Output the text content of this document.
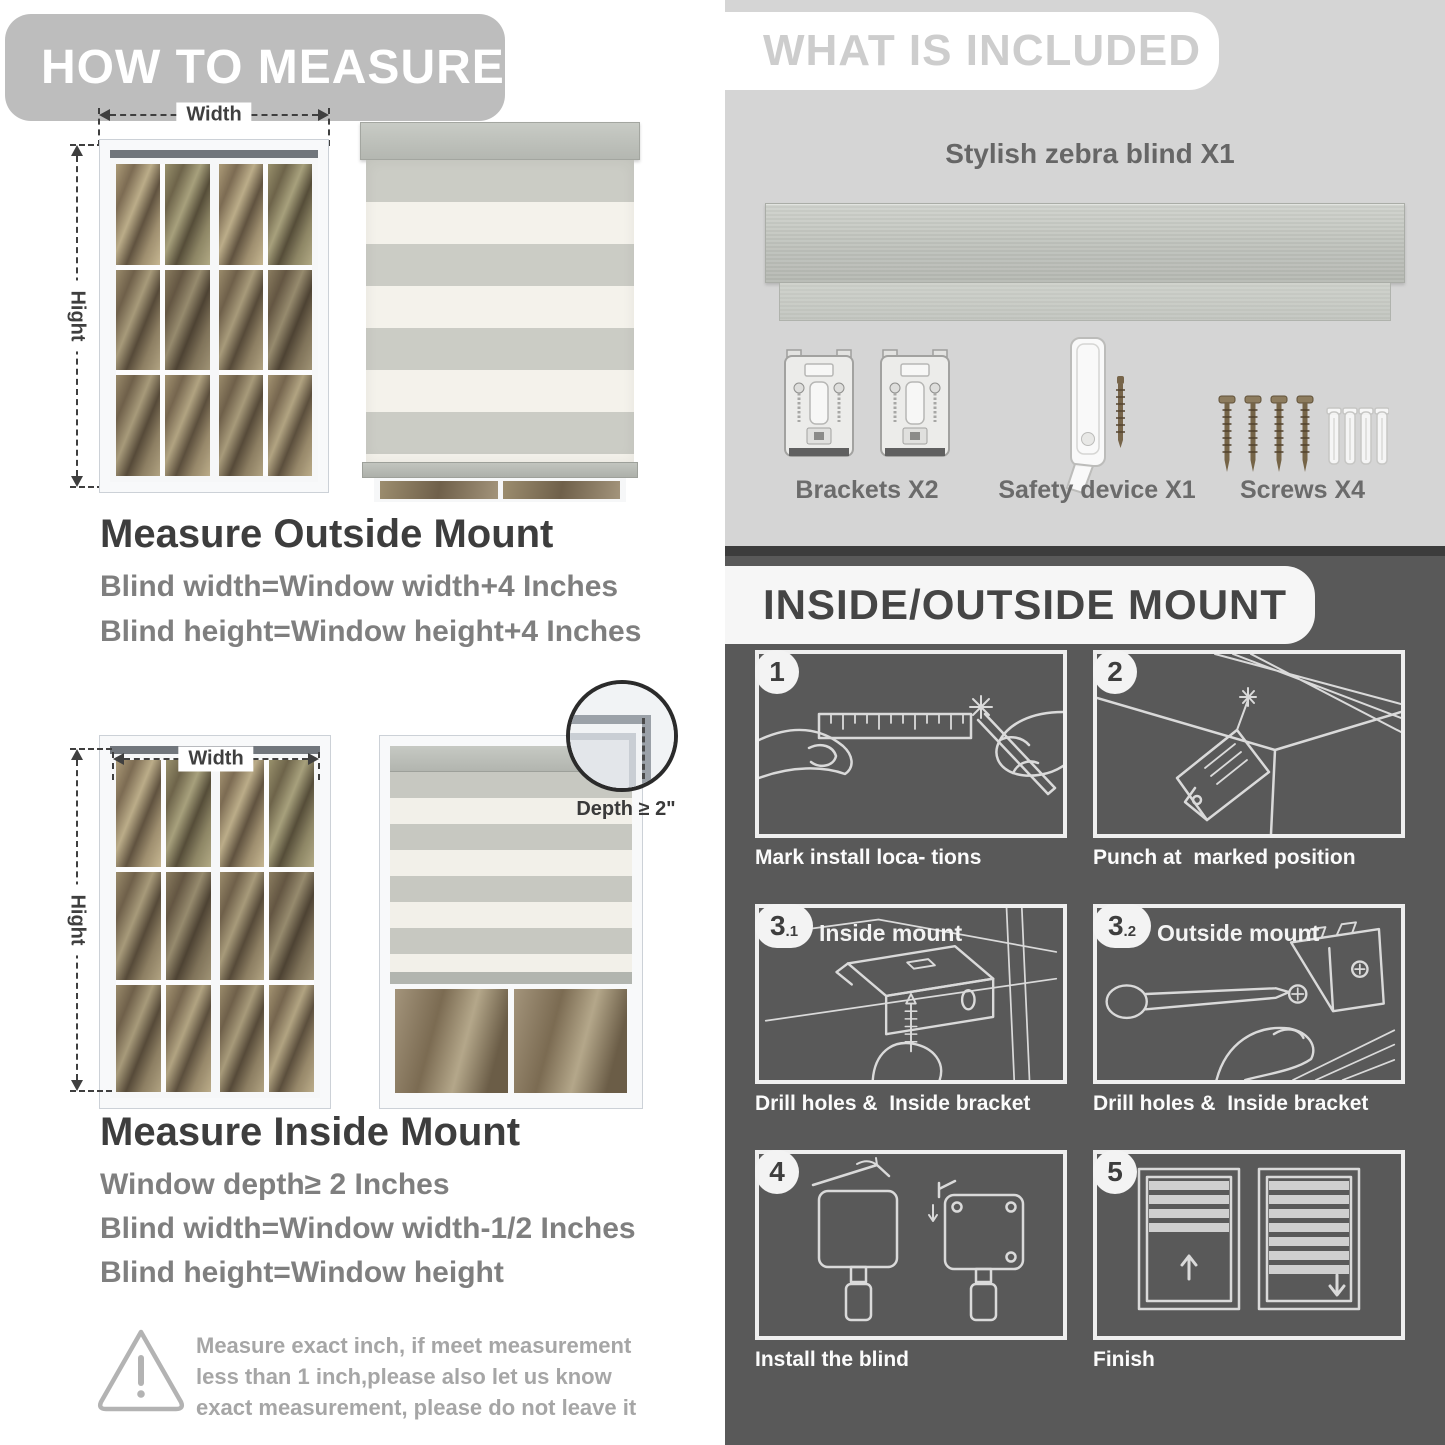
HOW TO MEASURE
Width
Hight
Measure Outside Mount

Blind width=Window width+4 Inches

Blind height=Window height+4 Inches

Width
Hight
Depth ≥ 2"
Measure Inside Mount

Window depth≥ 2 Inches

Blind width=Window width-1/2 Inches

Blind height=Window height

Measure exact inch, if meet measurement less than 1 inch,please also let us know exact measurement, please do not leave it

WHAT IS INCLUDED
Stylish zebra blind X1
Brackets X2	Safety device X1	Screws X4
INSIDE/OUTSIDE MOUNT
1
Mark install loca- tions
2
Punch at  marked position
3 .1 Inside mount
Drill holes &  Inside bracket
3 .2 Outside mount
Drill holes &  Inside bracket
4
Install the blind
5
Finish
